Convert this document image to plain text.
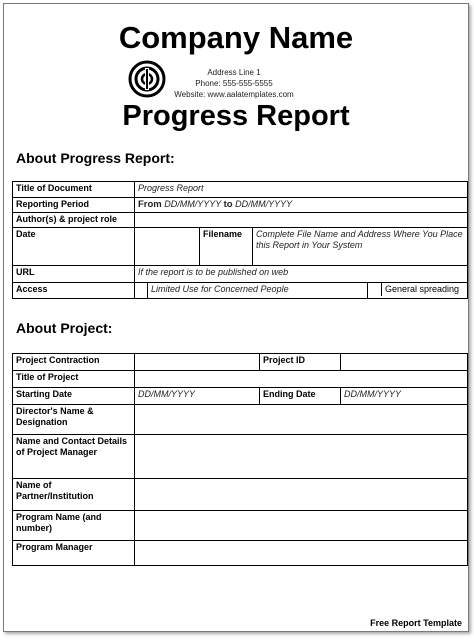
Company Name
Address Line 1
Phone: 555-555-5555
Website: www.aalatemplates.com
Progress Report
About Progress Report:
Title of Document	Progress Report				
Reporting Period	From DD/MM/YYYY to DD/MM/YYYY				
Author(s) & project role					
Date			Filename	Complete File Name and Address Where You Place this Report in Your System	
URL	If the report is to be published on web				
Access		Limited Use for Concerned People			General spreading
About Project:
Project Contraction		Project ID	
Title of Project			
Starting Date	DD/MM/YYYY	Ending Date	DD/MM/YYYY
Director's Name & Designation			
Name and Contact Details of Project Manager			
Name of Partner/Institution			
Program Name (and number)			
Program Manager			
Free Report Template
